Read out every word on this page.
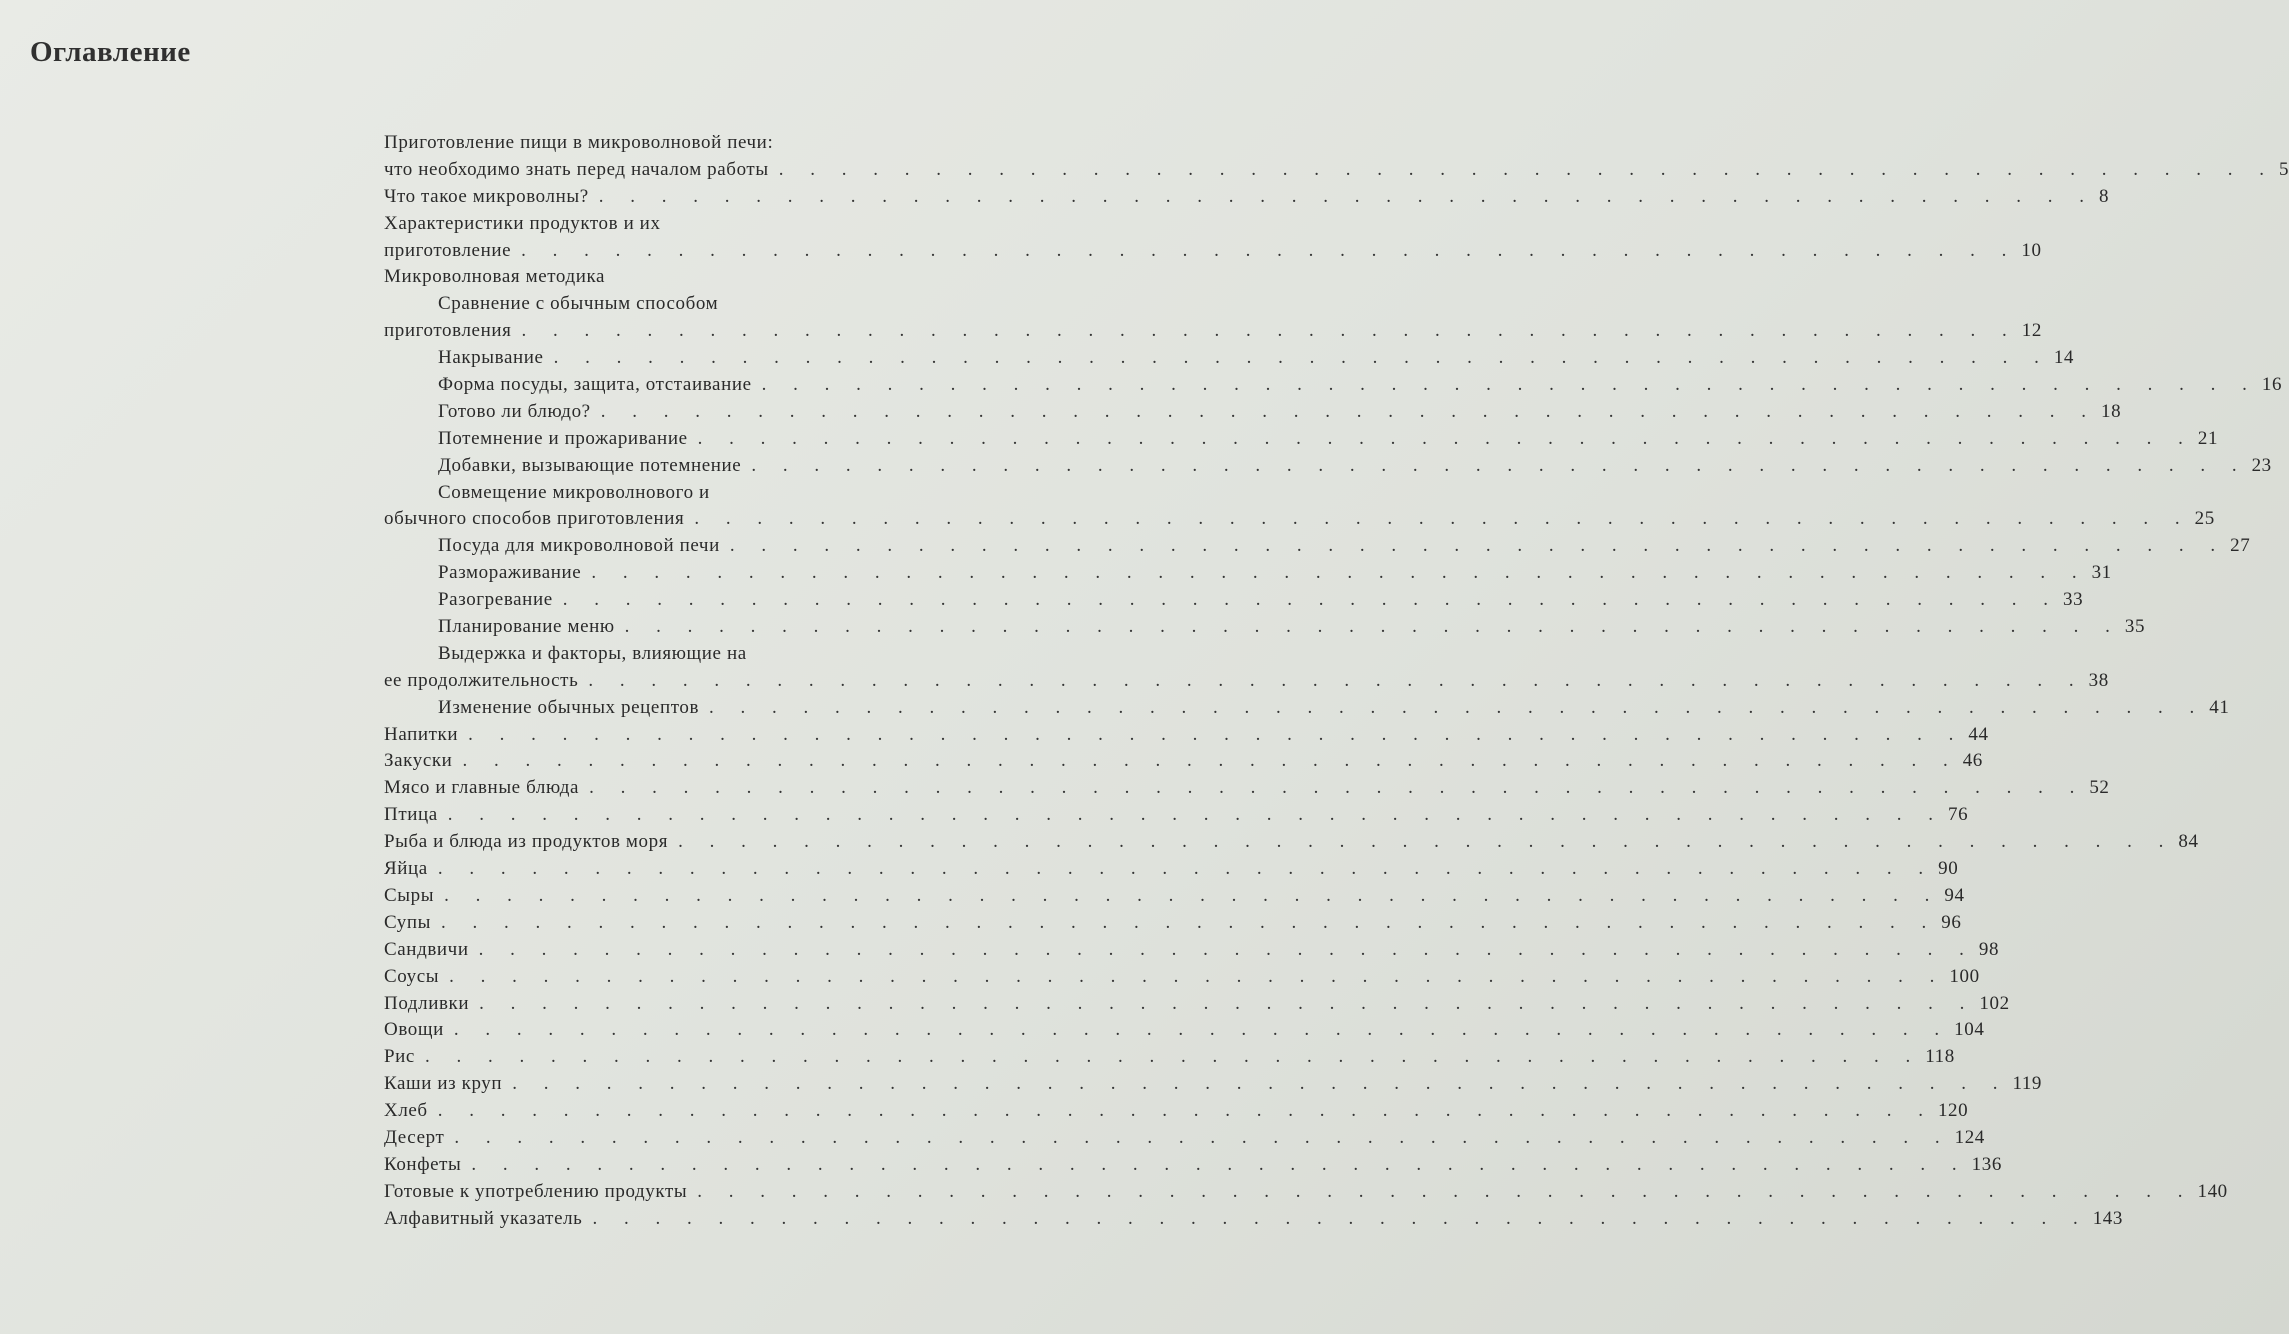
Оглавление
Приготовление пищи в микроволновой печи:
что необходимо знать перед началом работы . . . . . . . . . . . . . . . . . . . . . . . . . . . . . . . . . . . . . . . . . . . . . . . . 5
Что такое микроволны? . . . . . . . . . . . . . . . . . . . . . . . . . . . . . . . . . . . . . . . . . . . . . . . . 8
Характеристики продуктов и их
приготовление . . . . . . . . . . . . . . . . . . . . . . . . . . . . . . . . . . . . . . . . . . . . . . . . 10
Микроволновая методика
Сравнение с обычным способом
приготовления . . . . . . . . . . . . . . . . . . . . . . . . . . . . . . . . . . . . . . . . . . . . . . . . 12
Накрывание . . . . . . . . . . . . . . . . . . . . . . . . . . . . . . . . . . . . . . . . . . . . . . . . 14
Форма посуды, защита, отстаивание . . . . . . . . . . . . . . . . . . . . . . . . . . . . . . . . . . . . . . . . . . . . . . . . 16
Готово ли блюдо? . . . . . . . . . . . . . . . . . . . . . . . . . . . . . . . . . . . . . . . . . . . . . . . . 18
Потемнение и прожаривание . . . . . . . . . . . . . . . . . . . . . . . . . . . . . . . . . . . . . . . . . . . . . . . . 21
Добавки, вызывающие потемнение . . . . . . . . . . . . . . . . . . . . . . . . . . . . . . . . . . . . . . . . . . . . . . . . 23
Совмещение микроволнового и
обычного способов приготовления . . . . . . . . . . . . . . . . . . . . . . . . . . . . . . . . . . . . . . . . . . . . . . . . 25
Посуда для микроволновой печи . . . . . . . . . . . . . . . . . . . . . . . . . . . . . . . . . . . . . . . . . . . . . . . . 27
Размораживание . . . . . . . . . . . . . . . . . . . . . . . . . . . . . . . . . . . . . . . . . . . . . . . . 31
Разогревание . . . . . . . . . . . . . . . . . . . . . . . . . . . . . . . . . . . . . . . . . . . . . . . . 33
Планирование меню . . . . . . . . . . . . . . . . . . . . . . . . . . . . . . . . . . . . . . . . . . . . . . . . 35
Выдержка и факторы, влияющие на
ее продолжительность . . . . . . . . . . . . . . . . . . . . . . . . . . . . . . . . . . . . . . . . . . . . . . . . 38
Изменение обычных рецептов . . . . . . . . . . . . . . . . . . . . . . . . . . . . . . . . . . . . . . . . . . . . . . . . 41
Напитки . . . . . . . . . . . . . . . . . . . . . . . . . . . . . . . . . . . . . . . . . . . . . . . . 44
Закуски . . . . . . . . . . . . . . . . . . . . . . . . . . . . . . . . . . . . . . . . . . . . . . . . 46
Мясо и главные блюда . . . . . . . . . . . . . . . . . . . . . . . . . . . . . . . . . . . . . . . . . . . . . . . . 52
Птица . . . . . . . . . . . . . . . . . . . . . . . . . . . . . . . . . . . . . . . . . . . . . . . . 76
Рыба и блюда из продуктов моря . . . . . . . . . . . . . . . . . . . . . . . . . . . . . . . . . . . . . . . . . . . . . . . . 84
Яйца . . . . . . . . . . . . . . . . . . . . . . . . . . . . . . . . . . . . . . . . . . . . . . . . 90
Сыры . . . . . . . . . . . . . . . . . . . . . . . . . . . . . . . . . . . . . . . . . . . . . . . . 94
Супы . . . . . . . . . . . . . . . . . . . . . . . . . . . . . . . . . . . . . . . . . . . . . . . . 96
Сандвичи . . . . . . . . . . . . . . . . . . . . . . . . . . . . . . . . . . . . . . . . . . . . . . . . 98
Соусы . . . . . . . . . . . . . . . . . . . . . . . . . . . . . . . . . . . . . . . . . . . . . . . . 100
Подливки . . . . . . . . . . . . . . . . . . . . . . . . . . . . . . . . . . . . . . . . . . . . . . . . 102
Овощи . . . . . . . . . . . . . . . . . . . . . . . . . . . . . . . . . . . . . . . . . . . . . . . . 104
Рис . . . . . . . . . . . . . . . . . . . . . . . . . . . . . . . . . . . . . . . . . . . . . . . . 118
Каши из круп . . . . . . . . . . . . . . . . . . . . . . . . . . . . . . . . . . . . . . . . . . . . . . . . 119
Хлеб . . . . . . . . . . . . . . . . . . . . . . . . . . . . . . . . . . . . . . . . . . . . . . . . 120
Десерт . . . . . . . . . . . . . . . . . . . . . . . . . . . . . . . . . . . . . . . . . . . . . . . . 124
Конфеты . . . . . . . . . . . . . . . . . . . . . . . . . . . . . . . . . . . . . . . . . . . . . . . . 136
Готовые к употреблению продукты . . . . . . . . . . . . . . . . . . . . . . . . . . . . . . . . . . . . . . . . . . . . . . . . 140
Алфавитный указатель . . . . . . . . . . . . . . . . . . . . . . . . . . . . . . . . . . . . . . . . . . . . . . . . 143
